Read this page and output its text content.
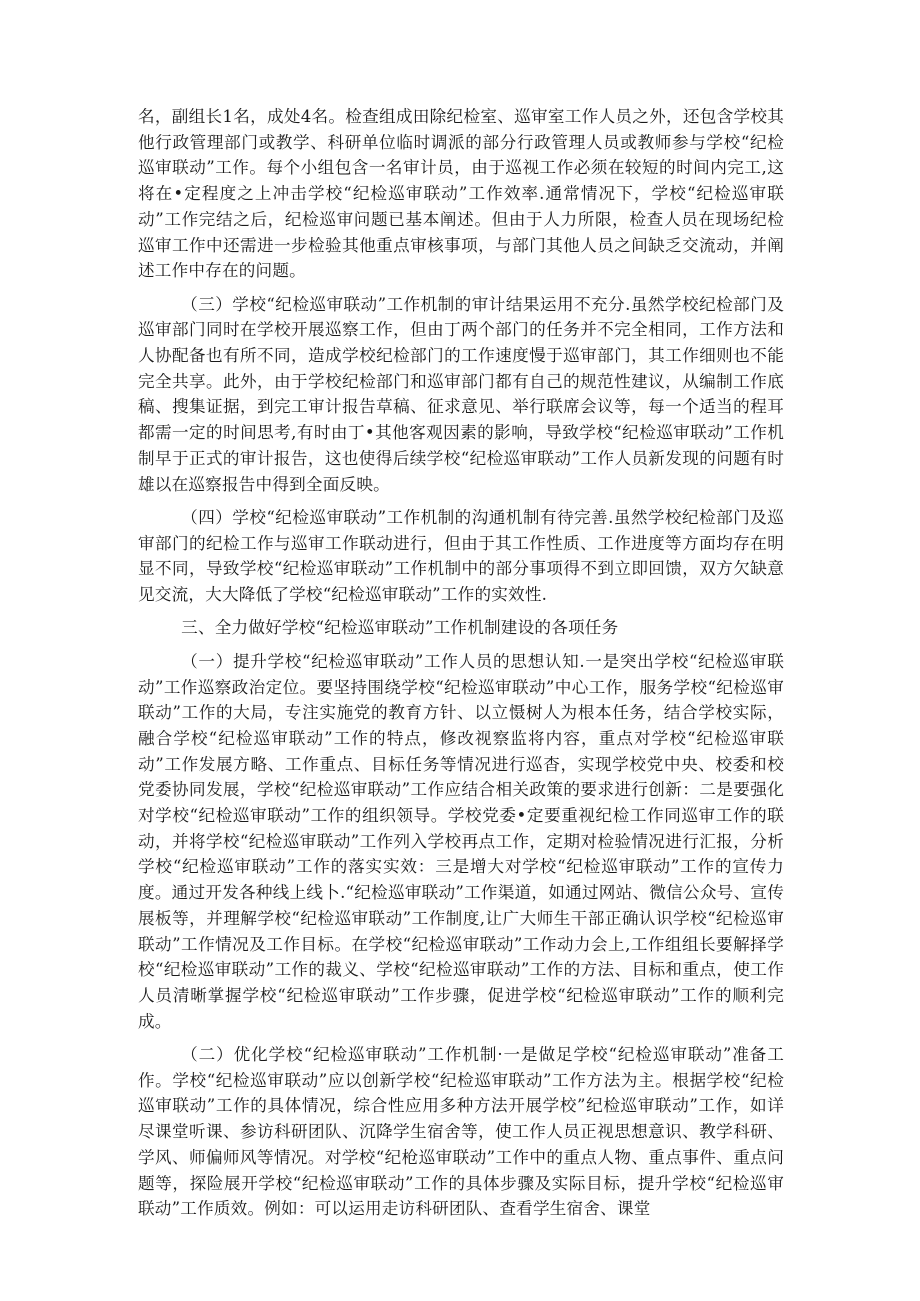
名，副组长1名，成处4名。检查组成田除纪检室、巡审室工作人员之外，还包含学校其他行政管理部门或教学、科研单位临时调派的部分行政管理人员或教师参与学校“纪检巡审联动”工作。每个小组包含一名审计员，由于巡视工作必须在较短的时间内完工,这将在•定程度之上冲击学校“纪检巡审联动”工作效率.通常情况下，学校“纪检巡审联动”工作完结之后，纪检巡审问题已基本阐述。但由于人力所限，检查人员在现场纪检巡审工作中还需进一步检验其他重点审核事项，与部门其他人员之间缺乏交流动，并阐述工作中存在的问题。

（三）学校“纪检巡审联动”工作机制的审计结果运用不充分.虽然学校纪检部门及巡审部门同时在学校开展巡察工作，但由丁两个部门的任务并不完全相同，工作方法和人协配备也有所不同，造成学校纪检部门的工作速度慢于巡审部门，其工作细则也不能完全共享。此外，由于学校纪检部门和巡审部门都有自己的规范性建议，从编制工作底稿、搜集证据，到完工审计报告草稿、征求意见、举行联席会议等，每一个适当的程耳都需一定的时间思考,有时由丁•其他客观因素的影响，导致学校“纪检巡审联动”工作机制早于正式的审计报告，这也使得后续学校“纪检巡审联动”工作人员新发现的问题有时雄以在巡察报告中得到全面反映。

（四）学校“纪检巡审联动”工作机制的沟通机制有待完善.虽然学校纪检部门及巡审部门的纪检工作与巡审工作联动进行，但由于其工作性质、工作进度等方面均存在明显不同，导致学校“纪检巡审联动”工作机制中的部分事项得不到立即回馈，双方欠缺意见交流，大大降低了学校“纪检巡审联动”工作的实效性.

三、全力做好学校“纪检巡审联动”工作机制建设的各项任务

（一）提升学校“纪检巡审联动”工作人员的思想认知.一是突出学校“纪检巡审联动”工作巡察政治定位。要坚持围绕学校“纪检巡审联动”中心工作，服务学校“纪检巡审联动”工作的大局，专注实施党的教育方针、以立慑树人为根本任务，结合学校实际，融合学校“纪检巡审联动”工作的特点，修改视察监将内容，重点对学校“纪检巡审联动”工作发展方略、工作重点、目标任务等情况进行巡杳，实现学校党中央、校委和校党委协同发展，学校“纪检巡审联动”工作应结合相关政策的要求进行创新：二是要强化对学校“纪检巡审联动”工作的组织领导。学校党委•定要重视纪检工作同巡审工作的联动，并将学校“纪检巡审联动”工作列入学校再点工作，定期对检验情况进行汇报，分析学校“纪检巡审联动”工作的落实实效：三是增大对学校“纪检巡审联动”工作的宣传力度。通过开发各种线上线卜.“纪检巡审联动”工作渠道，如通过网站、微信公众号、宣传展板等，并理解学校“纪检巡审联动”工作制度,让广大师生干部正确认识学校“纪检巡审联动”工作情况及工作目标。在学校“纪检巡审联动”工作动力会上,工作组组长要解择学校“纪检巡审联动”工作的裁义、学校“纪检巡审联动”工作的方法、目标和重点，使工作人员清晰掌握学校“纪检巡审联动”工作步骤，促进学校“纪检巡审联动”工作的顺利完成。

（二）优化学校“纪检巡审联动”工作机制·一是做足学校“纪检巡审联动”准备工作。学校“纪检巡审联动”应以创新学校“纪检巡审联动”工作方法为主。根据学校“纪检巡审联动”工作的具体情况，综合性应用多种方法开展学校”纪检巡审联动”工作，如详尽课堂听课、参访科研团队、沉降学生宿舍等，使工作人员正视思想意识、教学科研、学风、师偏师风等情况。对学校“纪枪巡审联动”工作中的重点人物、重点事件、重点问题等，探险展开学校“纪检巡审联动”工作的具体步骤及实际目标，提升学校“纪检巡审联动”工作质效。例如：可以运用走访科研团队、查看学生宿舍、课堂
